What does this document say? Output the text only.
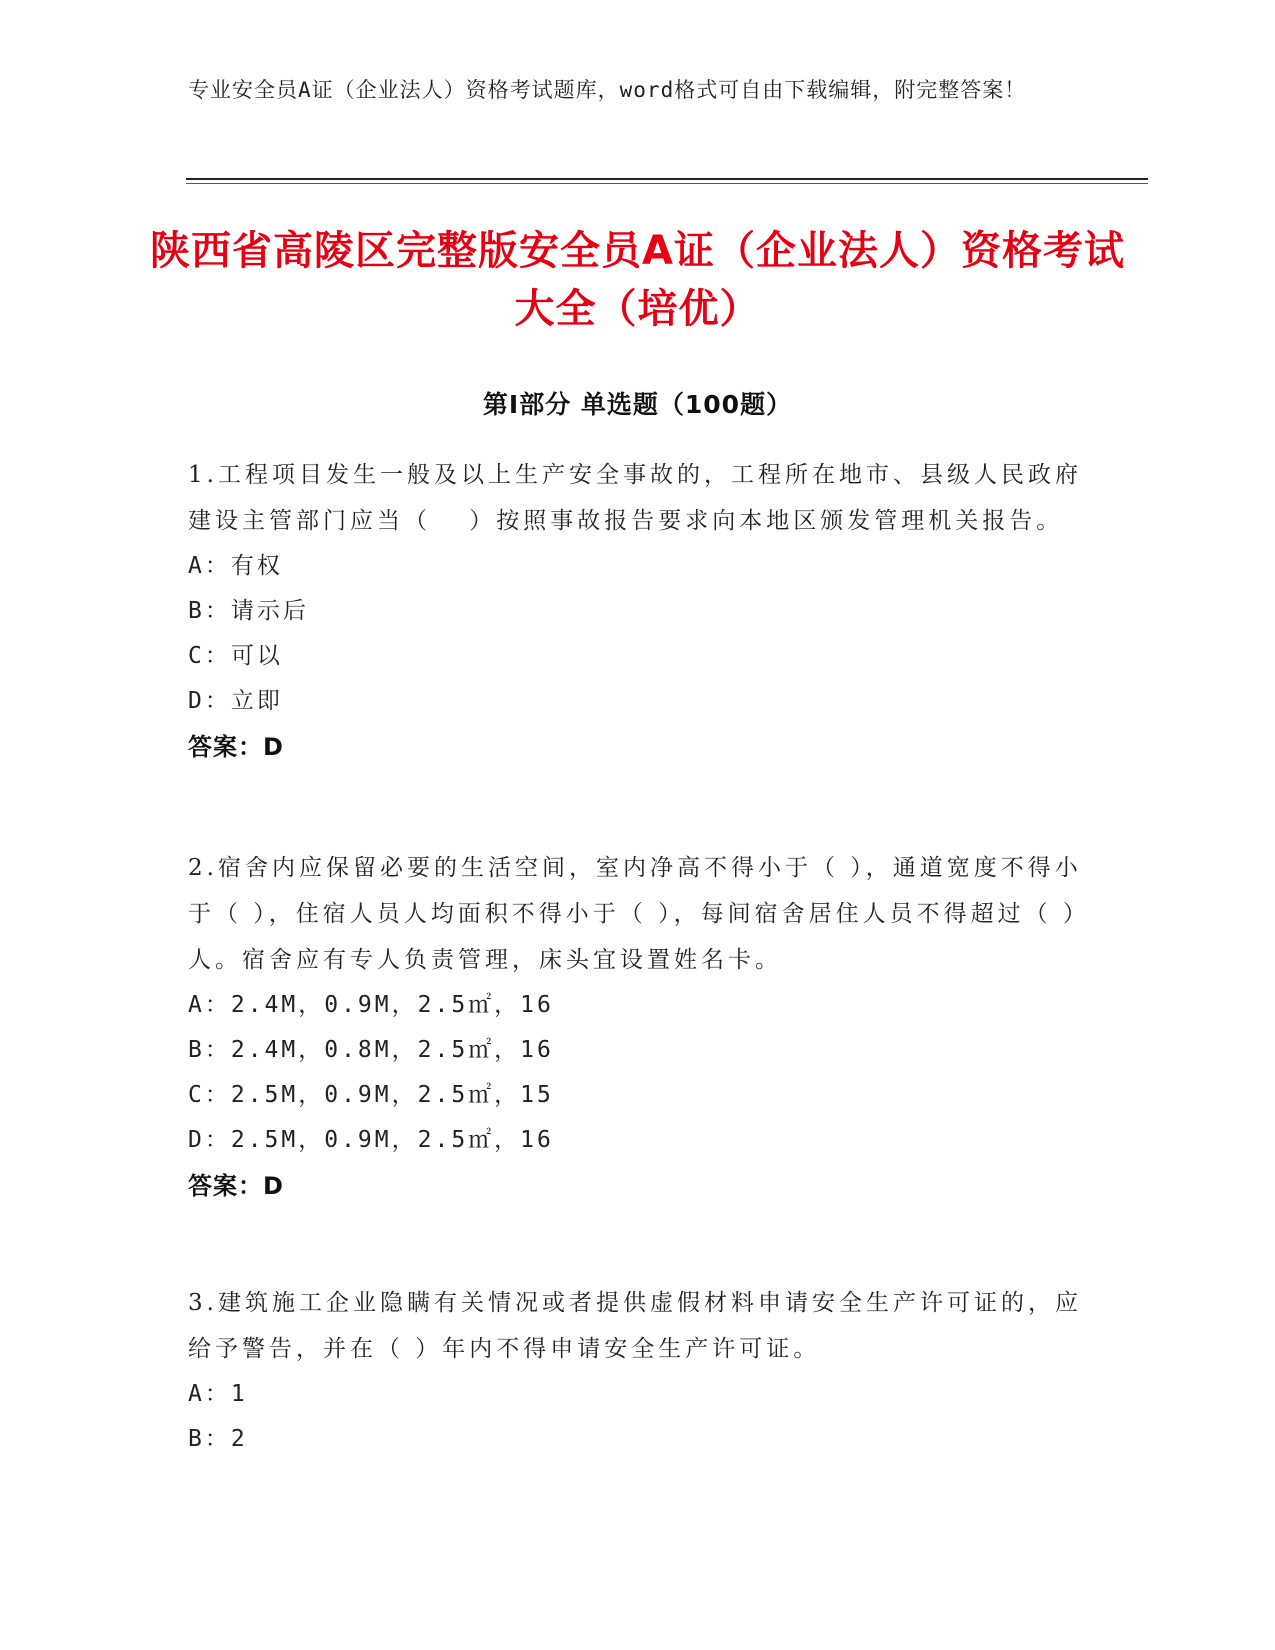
专业安全员A证（企业法人）资格考试题库，word格式可自由下载编辑，附完整答案！
陕西省高陵区完整版安全员A证（企业法人）资格考试大全（培优）
第Ⅰ部分 单选题（100题）
1.工程项目发生一般及以上生产安全事故的，工程所在地市、县级人民政府建设主管部门应当（　 ）按照事故报告要求向本地区颁发管理机关报告。
A：有权
B：请示后
C：可以
D：立即
答案：D
2.宿舍内应保留必要的生活空间，室内净高不得小于（ ），通道宽度不得小于（ ），住宿人员人均面积不得小于（ ），每间宿舍居住人员不得超过（ ）人。宿舍应有专人负责管理，床头宜设置姓名卡。
A：2.4M，0.9M，2.5㎡，16
B：2.4M，0.8M，2.5㎡，16
C：2.5M，0.9M，2.5㎡，15
D：2.5M，0.9M，2.5㎡，16
答案：D
3.建筑施工企业隐瞒有关情况或者提供虚假材料申请安全生产许可证的，应给予警告，并在（ ）年内不得申请安全生产许可证。
A：1
B：2
